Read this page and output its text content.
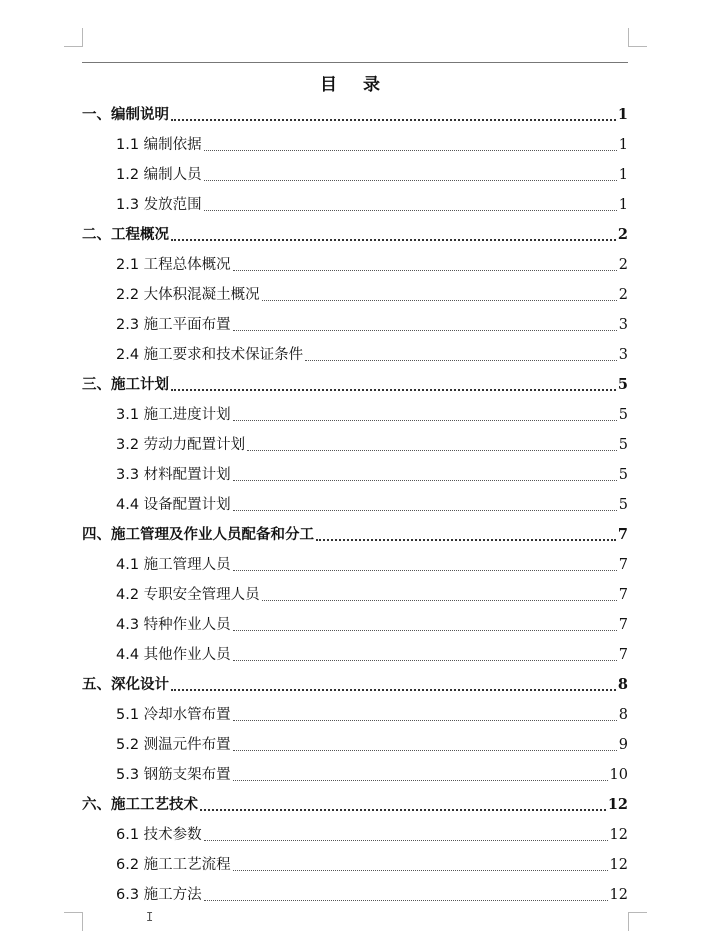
目 录
一、编制说明	1
1.1 编制依据	1
1.2 编制人员	1
1.3 发放范围	1
二、工程概况	2
2.1 工程总体概况	2
2.2 大体积混凝土概况	2
2.3 施工平面布置	3
2.4 施工要求和技术保证条件	3
三、施工计划	5
3.1 施工进度计划	5
3.2 劳动力配置计划	5
3.3 材料配置计划	5
4.4 设备配置计划	5
四、施工管理及作业人员配备和分工	7
4.1 施工管理人员	7
4.2 专职安全管理人员	7
4.3 特种作业人员	7
4.4 其他作业人员	7
五、深化设计	8
5.1 冷却水管布置	8
5.2 测温元件布置	9
5.3 钢筋支架布置	10
六、施工工艺技术	12
6.1 技术参数	12
6.2 施工工艺流程	12
6.3 施工方法	12
I
